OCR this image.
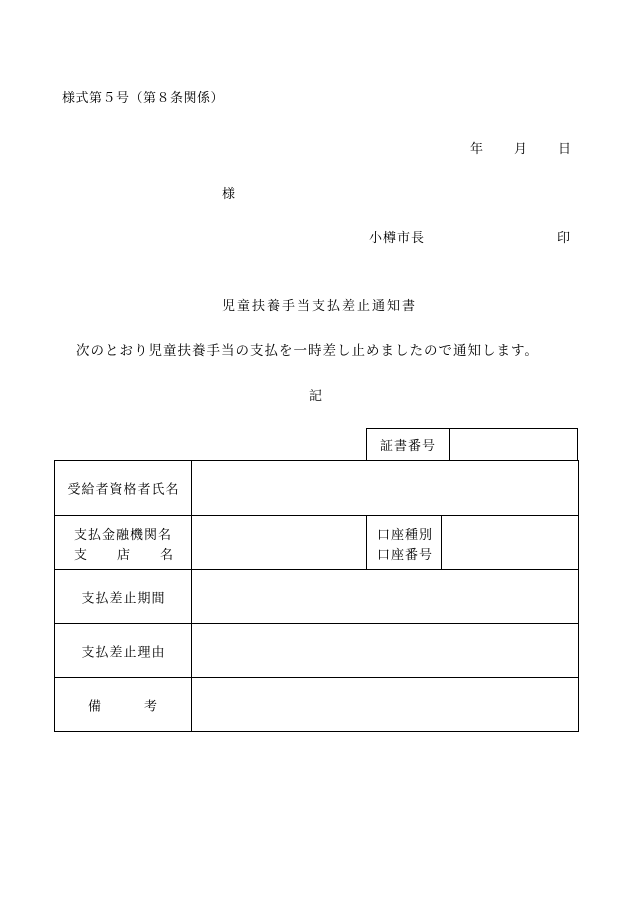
様式第５号（第８条関係）
年 月 日
様
小樽市長	印
児童扶養手当支払差止通知書
次のとおり児童扶養手当の支払を一時差し止めましたので通知します。
記
証書番号
受給者資格者氏名
支払金融機関名
支 店 名
口座種別
口座番号
支払差止期間
支払差止理由
備	考
